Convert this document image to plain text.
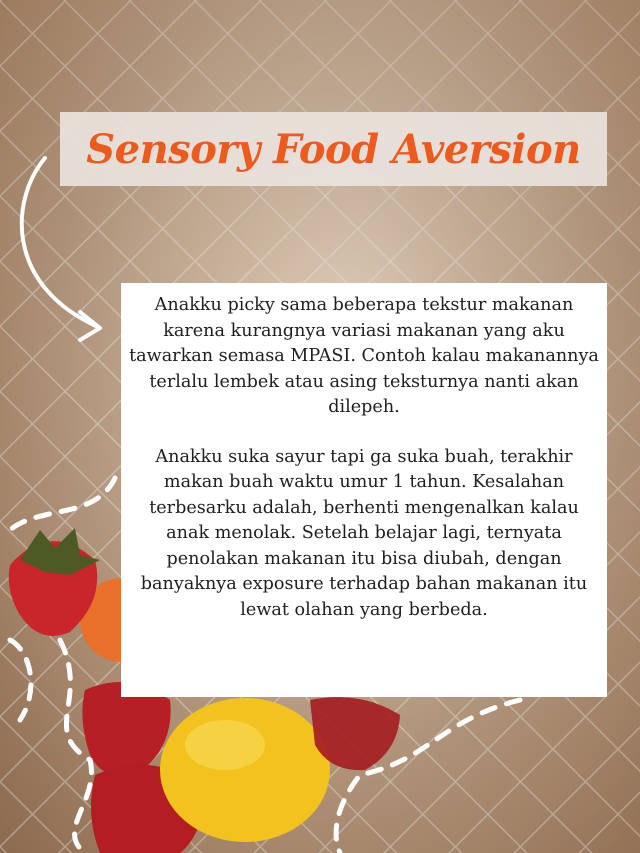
Sensory Food Aversion

Anakku picky sama beberapa tekstur makanan karena kurangnya variasi makanan yang aku tawarkan semasa MPASI. Contoh kalau makanannya terlalu lembek atau asing teksturnya nanti akan dilepeh.

Anakku suka sayur tapi ga suka buah, terakhir makan buah waktu umur 1 tahun. Kesalahan terbesarku adalah, berhenti mengenalkan kalau anak menolak. Setelah belajar lagi, ternyata penolakan makanan itu bisa diubah, dengan banyaknya exposure terhadap bahan makanan itu lewat olahan yang berbeda.
